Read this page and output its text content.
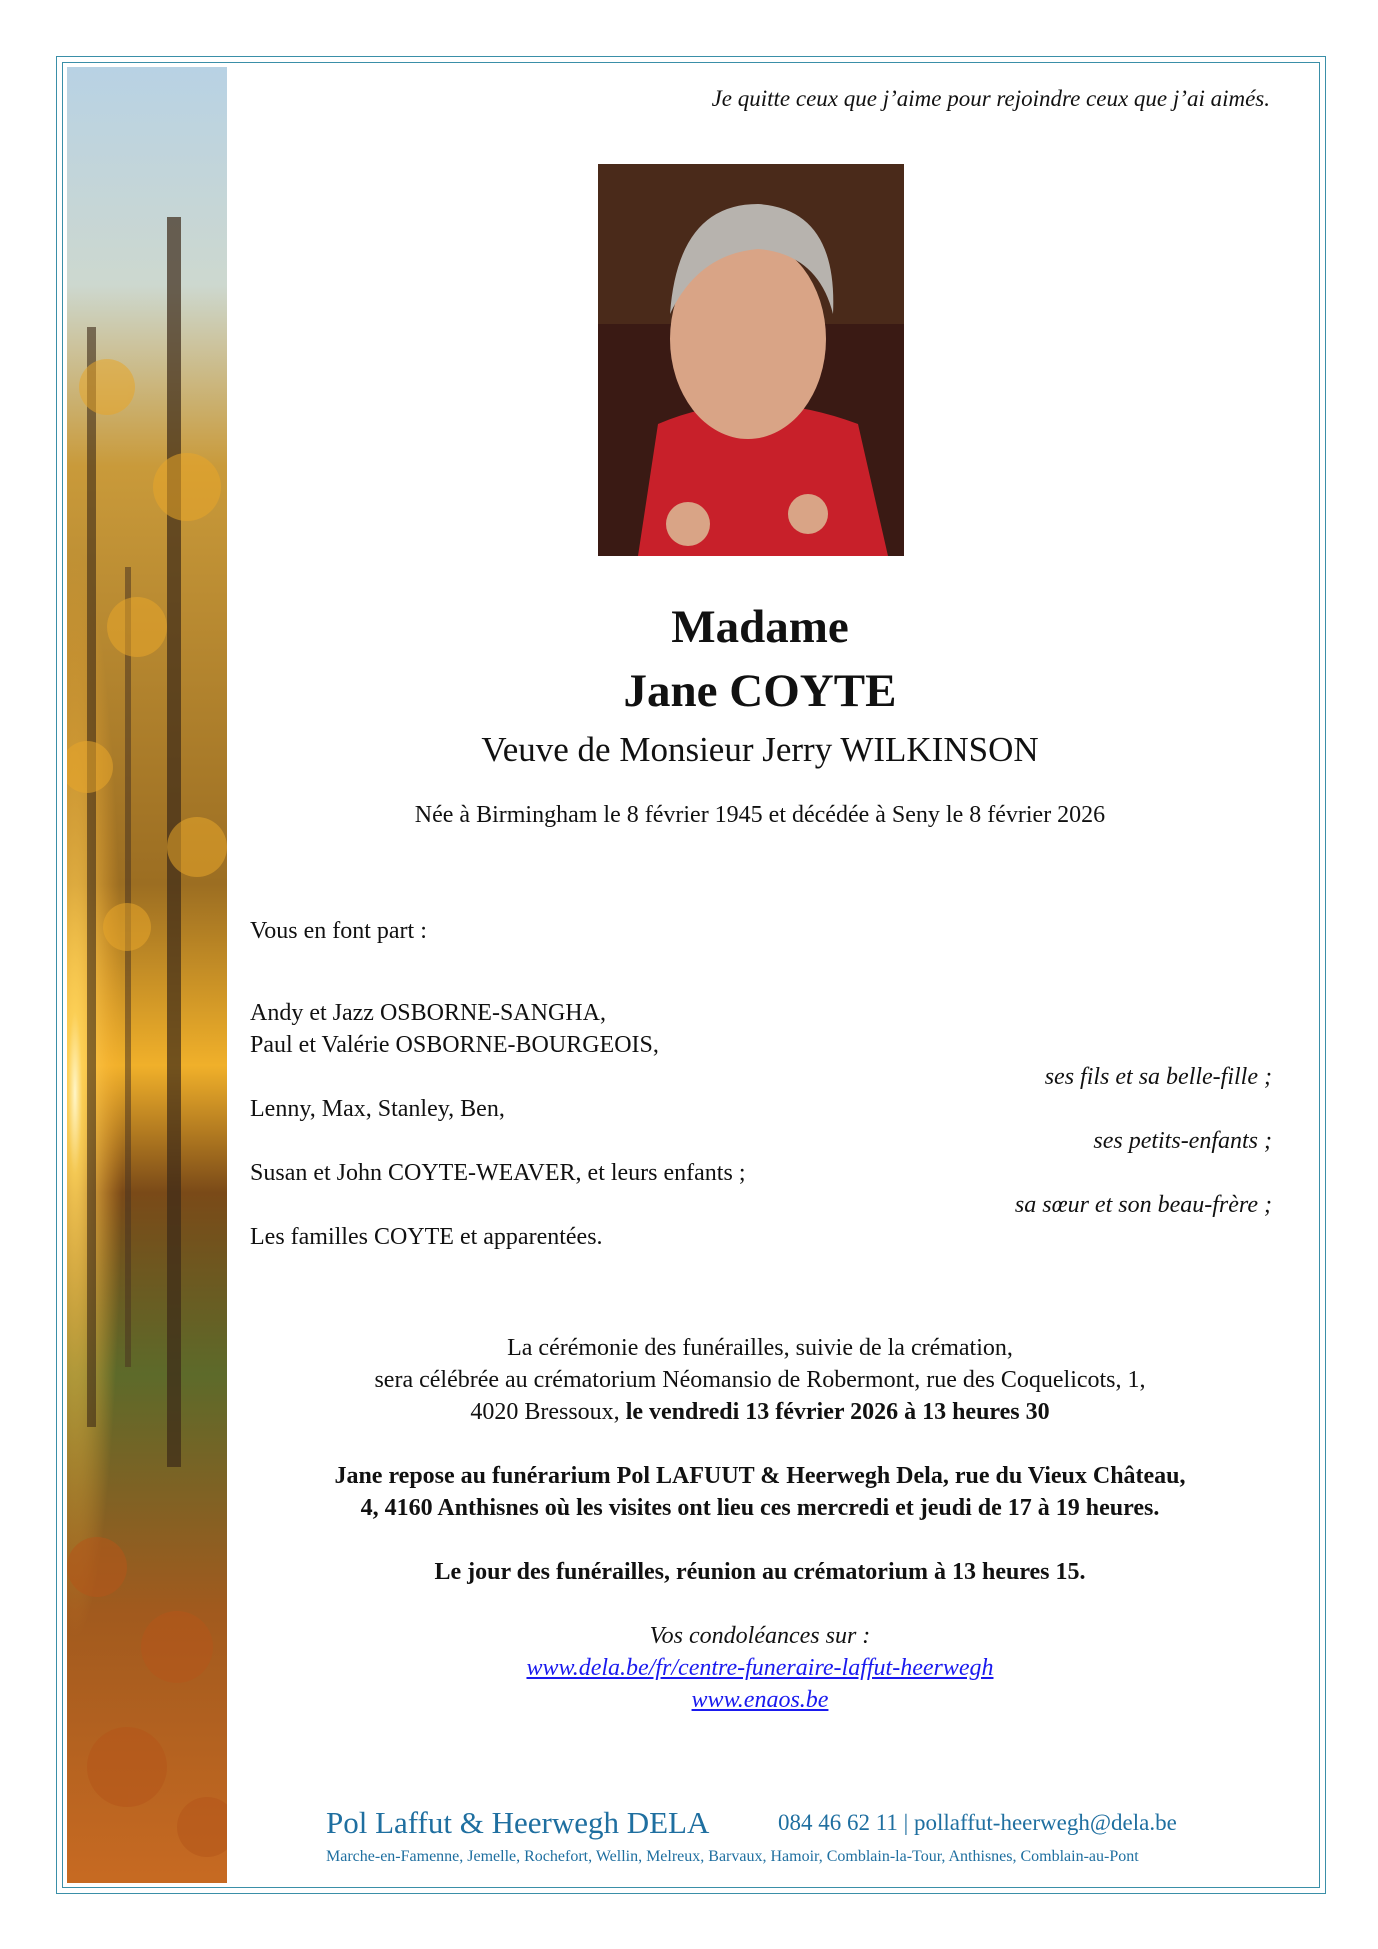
Je quitte ceux que j’aime pour rejoindre ceux que j’ai aimés.
Madame
Jane COYTE
Veuve de Monsieur Jerry WILKINSON
Née à Birmingham le 8 février 1945 et décédée à Seny le 8 février 2026
Vous en font part :
Andy et Jazz OSBORNE-SANGHA,
Paul et Valérie OSBORNE-BOURGEOIS,
ses fils et sa belle-fille ;
Lenny, Max, Stanley, Ben,
ses petits-enfants ;
Susan et John COYTE-WEAVER, et leurs enfants ;
sa sœur et son beau-frère ;
Les familles COYTE et apparentées.
La cérémonie des funérailles, suivie de la crémation,
sera célébrée au crématorium Néomansio de Robermont, rue des Coquelicots, 1,
4020 Bressoux, le vendredi 13 février 2026 à 13 heures 30
Jane repose au funérarium Pol LAFUUT & Heerwegh Dela, rue du Vieux Château,
4, 4160 Anthisnes où les visites ont lieu ces mercredi et jeudi de 17 à 19 heures.
Le jour des funérailles, réunion au crématorium à 13 heures 15.
Vos condoléances sur :
www.dela.be/fr/centre-funeraire-laffut-heerwegh
www.enaos.be
Pol Laffut & Heerwegh DELA	084 46 62 11 | pollaffut-heerwegh@dela.be
Marche-en-Famenne, Jemelle, Rochefort, Wellin, Melreux, Barvaux, Hamoir, Comblain-la-Tour, Anthisnes, Comblain-au-Pont
